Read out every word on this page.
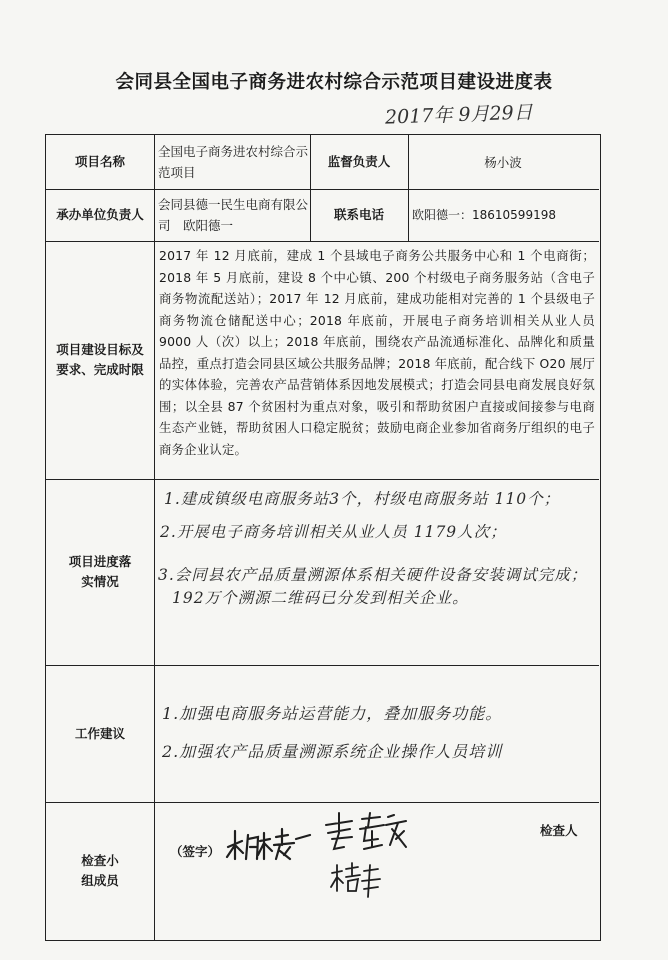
会同县全国电子商务进农村综合示范项目建设进度表
2017年 9月29日
项目名称
全国电子商务进农村综合示范项目
监督负责人	杨小波
承办单位负责人
会同县德一民生电商有限公司　欧阳德一
联系电话	欧阳德一：18610599198
项目建设目标及要求、完成时限
2017 年 12 月底前，建成 1 个县域电子商务公共服务中心和 1 个电商街；2018 年 5 月底前，建设 8 个中心镇、200 个村级电子商务服务站（含电子商务物流配送站）；2017 年 12 月底前，建成功能相对完善的 1 个县级电子商务物流仓储配送中心；2018 年底前，开展电子商务培训相关从业人员 9000 人（次）以上；2018 年底前，围绕农产品流通标准化、品牌化和质量品控，重点打造会同县区域公共服务品牌；2018 年底前，配合线下 O20 展厅的实体体验，完善农产品营销体系因地发展模式；打造会同县电商发展良好氛围；以全县 87 个贫困村为重点对象，吸引和帮助贫困户直接或间接参与电商生态产业链，帮助贫困人口稳定脱贫；鼓励电商企业参加省商务厅组织的电子商务企业认定。
项目进度落实情况
1.建成镇级电商服务站3个，村级电商服务站 110个；
2.开展电子商务培训相关从业人员 1179人次；
3.会同县农产品质量溯源体系相关硬件设备安装调试完成；
192万个溯源二维码已分发到相关企业。
工作建议
1.加强电商服务站运营能力，叠加服务功能。
2.加强农产品质量溯源系统企业操作人员培训
检查小组成员
（签字）
检查人
